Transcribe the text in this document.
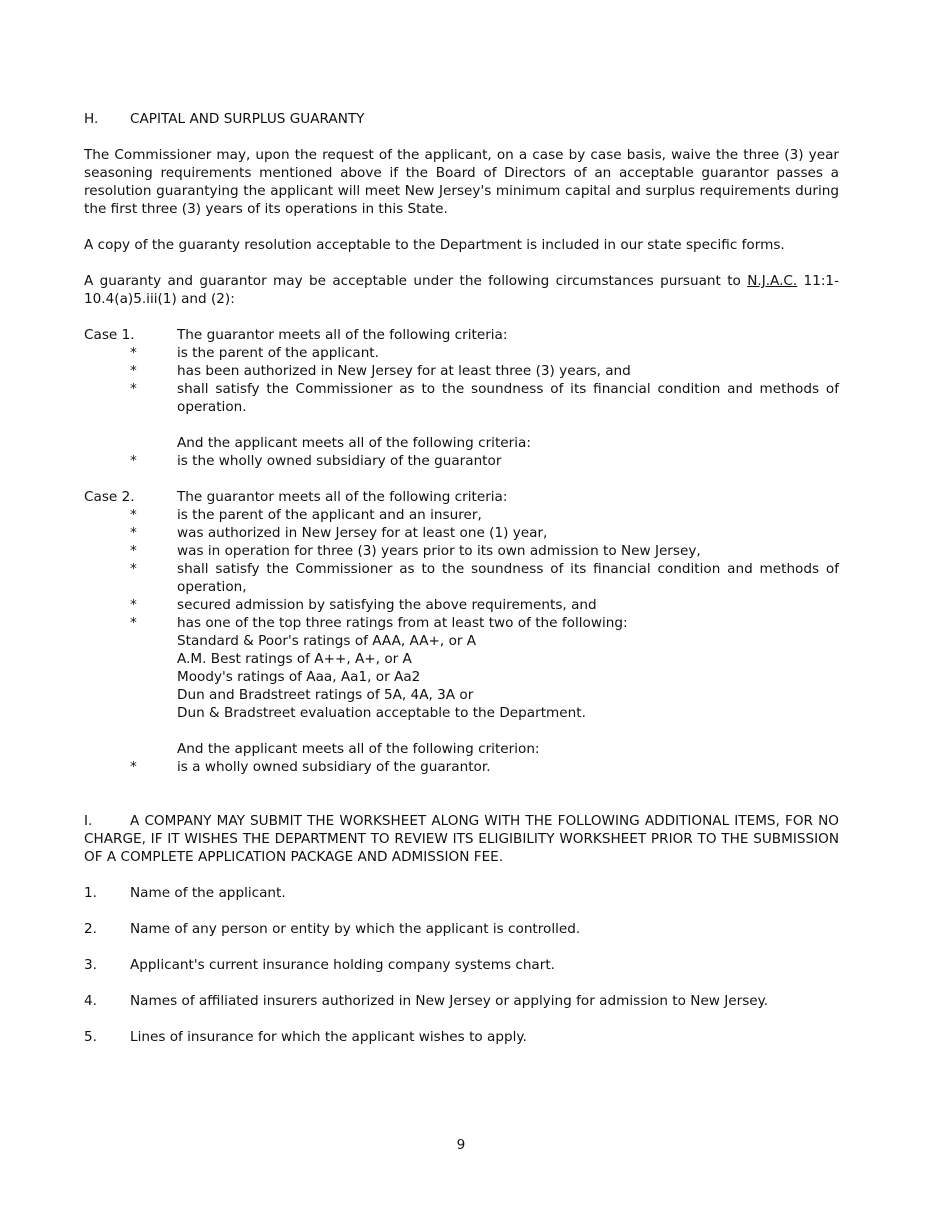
H. CAPITAL AND SURPLUS GUARANTY

The Commissioner may, upon the request of the applicant, on a case by case basis, waive the three (3) year seasoning requirements mentioned above if the Board of Directors of an acceptable guarantor passes a resolution guarantying the applicant will meet New Jersey's minimum capital and surplus requirements during the first three (3) years of its operations in this State.

A copy of the guaranty resolution acceptable to the Department is included in our state specific forms.

A guaranty and guarantor may be acceptable under the following circumstances pursuant to N.J.A.C. 11:1-10.4(a)5.iii(1) and (2):

Case 1.	The guarantor meets all of the following criteria:
*	is the parent of the applicant.
*	has been authorized in New Jersey for at least three (3) years, and
*	shall satisfy the Commissioner as to the soundness of its financial condition and methods of operation.
And the applicant meets all of the following criteria:
*	is the wholly owned subsidiary of the guarantor
Case 2.	The guarantor meets all of the following criteria:
*	is the parent of the applicant and an insurer,
*	was authorized in New Jersey for at least one (1) year,
*	was in operation for three (3) years prior to its own admission to New Jersey,
*	shall satisfy the Commissioner as to the soundness of its financial condition and methods of operation,
*	secured admission by satisfying the above requirements, and
*	has one of the top three ratings from at least two of the following:
Standard & Poor's ratings of AAA, AA+, or A
A.M. Best ratings of A++, A+, or A
Moody's ratings of Aaa, Aa1, or Aa2
Dun and Bradstreet ratings of 5A, 4A, 3A or
Dun & Bradstreet evaluation acceptable to the Department.
And the applicant meets all of the following criterion:
*	is a wholly owned subsidiary of the guarantor.

I.	A COMPANY MAY SUBMIT THE WORKSHEET ALONG WITH THE FOLLOWING ADDITIONAL ITEMS, FOR NO CHARGE, IF IT WISHES THE DEPARTMENT TO REVIEW ITS ELIGIBILITY WORKSHEET PRIOR TO THE SUBMISSION OF A COMPLETE APPLICATION PACKAGE AND ADMISSION FEE.

1. Name of the applicant.
2. Name of any person or entity by which the applicant is controlled.
3. Applicant's current insurance holding company systems chart.
4. Names of affiliated insurers authorized in New Jersey or applying for admission to New Jersey.
5. Lines of insurance for which the applicant wishes to apply.
9
